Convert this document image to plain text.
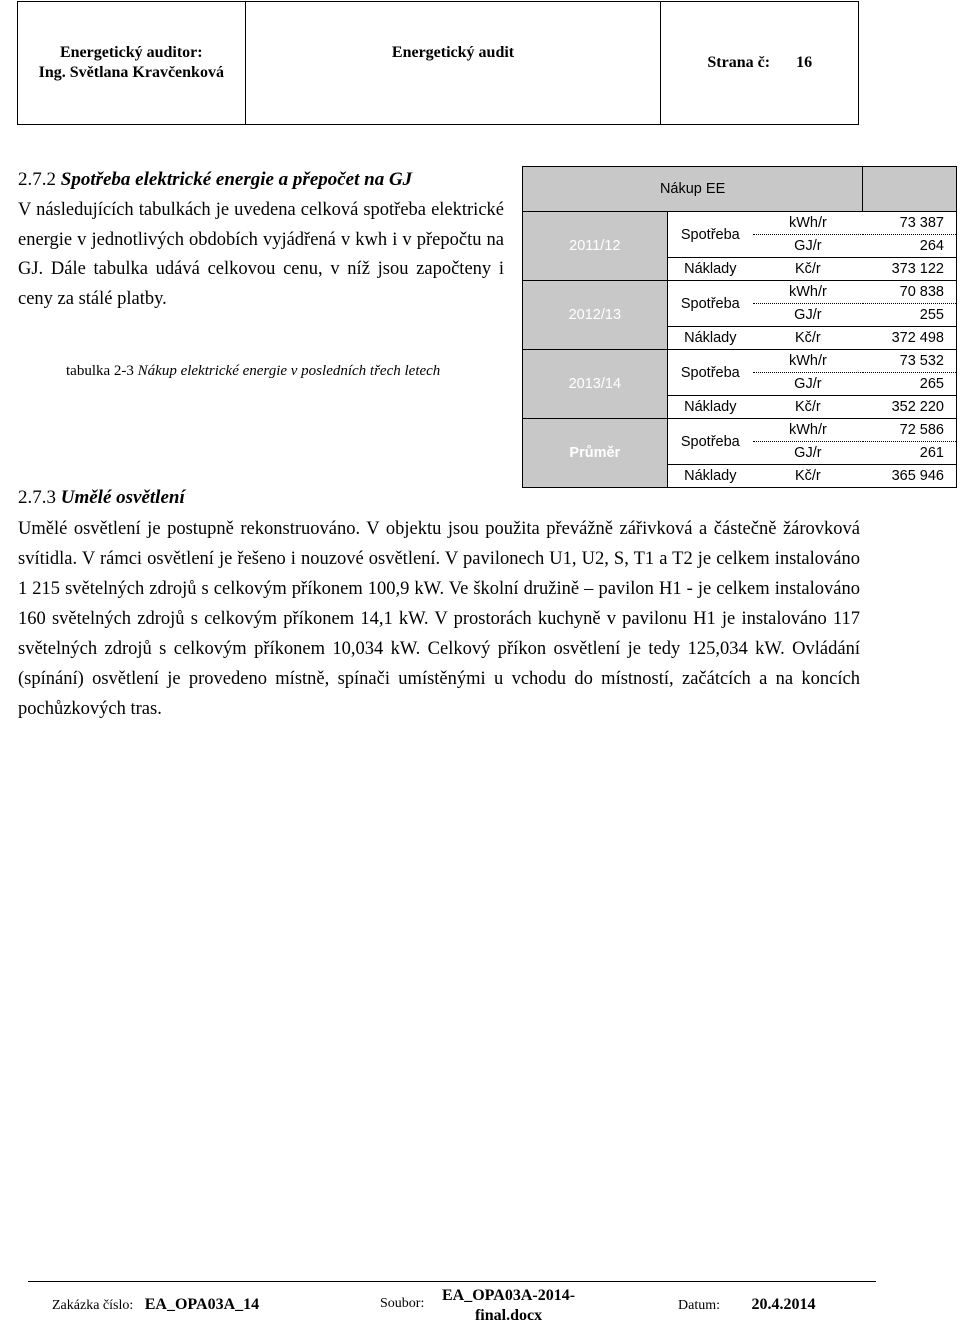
Energetický auditor:
Ing. Světlana Kravčenková

Energetický audit
	Strana č: 16
2.7.2 Spotřeba elektrické energie a přepočet na GJ
V následujících tabulkách je uvedena celková spotřeba elektrické energie v jednotlivých obdobích vyjádřená v kwh i v přepočtu na GJ. Dále tabulka udává celkovou cenu, v níž jsou započteny i ceny za stálé platby.
tabulka 2-3 Nákup elektrické energie v posledních třech letech
Nákup EE			
2011/12	Spotřeba	kWh/r	73 387
		GJ/r	264
	Náklady	Kč/r	373 122
2012/13	Spotřeba	kWh/r	70 838
		GJ/r	255
	Náklady	Kč/r	372 498
2013/14	Spotřeba	kWh/r	73 532
		GJ/r	265
	Náklady	Kč/r	352 220
Průměr	Spotřeba	kWh/r	72 586
		GJ/r	261
	Náklady	Kč/r	365 946
2.7.3 Umělé osvětlení
Umělé osvětlení je postupně rekonstruováno. V objektu jsou použita převážně zářivková a částečně žárovková svítidla. V rámci osvětlení je řešeno i nouzové osvětlení. V pavilonech U1, U2, S, T1 a T2 je celkem instalováno 1 215 světelných zdrojů s celkovým příkonem 100,9 kW. Ve školní družině – pavilon H1 - je celkem instalováno 160 světelných zdrojů s celkovým příkonem 14,1 kW. V prostorách kuchyně v pavilonu H1 je instalováno 117 světelných zdrojů s celkovým příkonem 10,034 kW. Celkový příkon osvětlení je tedy 125,034 kW. Ovládání (spínání) osvětlení je provedeno místně, spínači umístěnými u vchodu do místností, začátcích a na koncích pochůzkových tras.
Zakázka číslo: EA_OPA03A_14	Soubor: EA_OPA03A-2014-
final.docx
Datum: 20.4.2014
